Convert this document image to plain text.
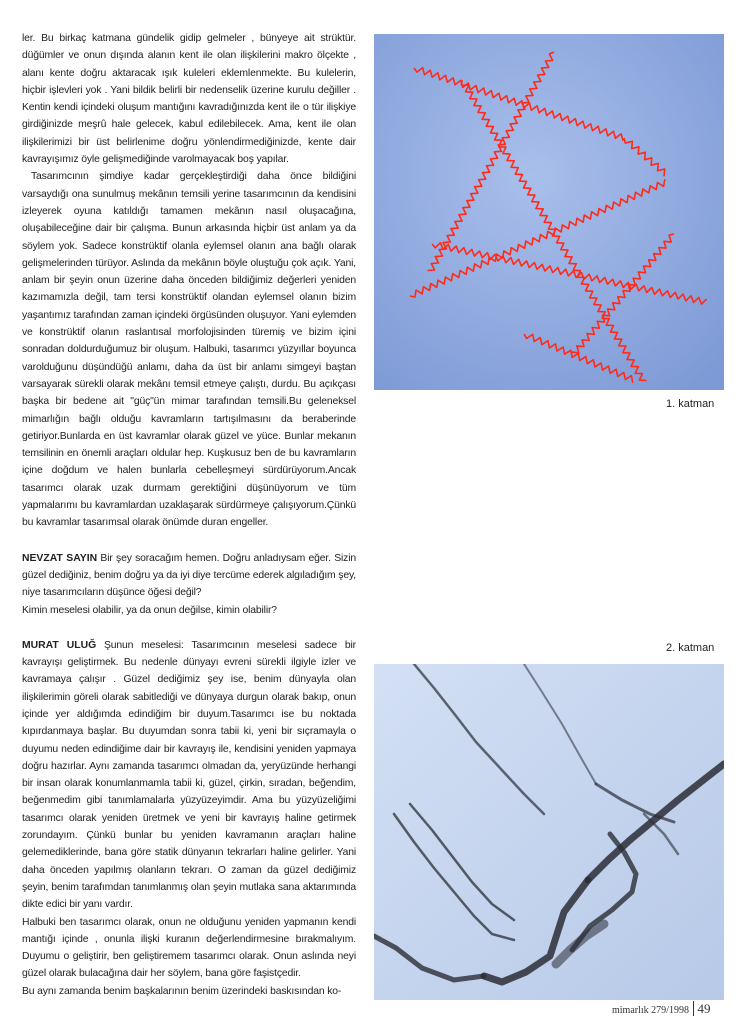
ler. Bu birkaç katmana gündelik gidip gelmeler , bünyeye ait strüktür. düğümler ve onun dışında alanın kent ile olan ilişkilerini makro ölçekte , alanı kente doğru aktaracak ışık kuleleri eklemlenmekte. Bu kulelerin, hiçbir işlevleri yok . Yani bildik belirli bir nedenselik üzerine kurulu değiller . Kentin kendi içindeki oluşum mantığını kavradığınızda kent ile o tür ilişkiye girdiğinizde meşrû hale gelecek, kabul edilebilecek. Ama, kent ile olan ilişkilerimizi bir üst belirlenime doğru yönlendirmediğinizde, kente dair kavrayışımız öyle gelişmediğinde varolmayacak boş yapılar.

Tasarımcının şimdiye kadar gerçekleştirdiği daha önce bildiğini varsaydığı ona sunulmuş mekânın temsili yerine tasarımcının da kendisini izleyerek oyuna katıldığı tamamen mekânın nasıl oluşacağına, oluşabileceğine dair bir çalışma. Bunun arkasında hiçbir üst anlam ya da söylem yok. Sadece konstrüktif olanla eylemsel olanın ana bağlı olarak gelişmelerinden türüyor. Aslında da mekânın böyle oluştuğu çok açık. Yani, anlam bir şeyin onun üzerine daha önceden bildiğimiz değerleri yeniden kazımamızla değil, tam tersi konstrüktif olandan eylemsel olanın bizim yaşantımız tarafından zaman içindeki örgüsünden oluşuyor. Yani eylemden ve konstrüktif olanın raslantısal morfolojisinden türemiş ve bizim içini sonradan doldurduğumuz bir oluşum. Halbuki, tasarımcı yüzyıllar boyunca varolduğunu düşündüğü anlamı, daha da üst bir anlamı simgeyi baştan varsayarak sürekli olarak mekânı temsil etmeye çalıştı, durdu. Bu açıkçası başka bir bedene ait "güç"ün mimar tarafından temsili.Bu geleneksel mimarlığın bağlı olduğu kavramların tartışılmasını da beraberinde getiriyor.Bunlarda en üst kavramlar olarak güzel ve yüce. Bunlar mekanın temsilinin en önemli araçları oldular hep. Kuşkusuz ben de bu kavramların içine doğdum ve halen bunlarla cebelleşmeyi sürdürüyorum.Ancak tasarımcı olarak uzak durmam gerektiğini düşünüyorum ve tüm yapmalarımı bu kavramlardan uzaklaşarak sürdürmeye çalışıyorum.Çünkü bu kavramlar tasarımsal olarak önümde duran engeller.

NEVZAT SAYIN Bir şey soracağım hemen. Doğru anladıysam eğer. Sizin güzel dediğiniz, benim doğru ya da iyi diye tercüme ederek algıladığım şey, niye tasarımcıların düşünce öğesi değil?

Kimin meselesi olabilir, ya da onun değilse, kimin olabilir?

MURAT ULUĞ Şunun meselesi: Tasarımcının meselesi sadece bir kavrayışı geliştirmek. Bu nedenle dünyayı evreni sürekli ilgiyle izler ve kavramaya çalışır . Güzel dediğimiz şey ise, benim dünyayla olan ilişkilerimin göreli olarak sabitlediği ve dünyaya durgun olarak bakıp, onun içinde yer aldığımda edindiğim bir duyum.Tasarımcı ise bu noktada kıpırdanmaya başlar. Bu duyumdan sonra tabii ki, yeni bir sıçramayla o duyumu neden edindiğime dair bir kavrayış ile, kendisini yeniden yapmaya doğru hazırlar. Aynı zamanda tasarımcı olmadan da, yeryüzünde herhangi bir insan olarak konumlanmamla tabii ki, güzel, çirkin, sıradan, beğendim, beğenmedim gibi tanımlamalarla yüzyüzeyimdir. Ama bu yüzyüzeliğimi tasarımcı olarak yeniden üretmek ve yeni bir kavrayış haline getirmek zorundayım. Çünkü bunlar bu yeniden kavramanın araçları haline gelemediklerinde, bana göre statik dünyanın tekrarları haline gelirler. Yani daha önceden yapılmış olanların tekrarı. O zaman da güzel dediğimiz şeyin, benim tarafımdan tanımlanmış olan şeyin mutlaka sana aktarımında dikte edici bir yanı vardır.

Halbuki ben tasarımcı olarak, onun ne olduğunu yeniden yapmanın kendi mantığı içinde , onunla ilişki kuranın değerlendirmesine bırakmalıyım. Duyumu o geliştirir, ben geliştiremem tasarımcı olarak. Onun aslında neyi güzel olarak bulacağına dair her söylem, bana göre faşistçedir.

Bu aynı zamanda benim başkalarının benim üzerindeki baskısından ko-

1. katman
2. katman
mimarlık 279/1998 49
